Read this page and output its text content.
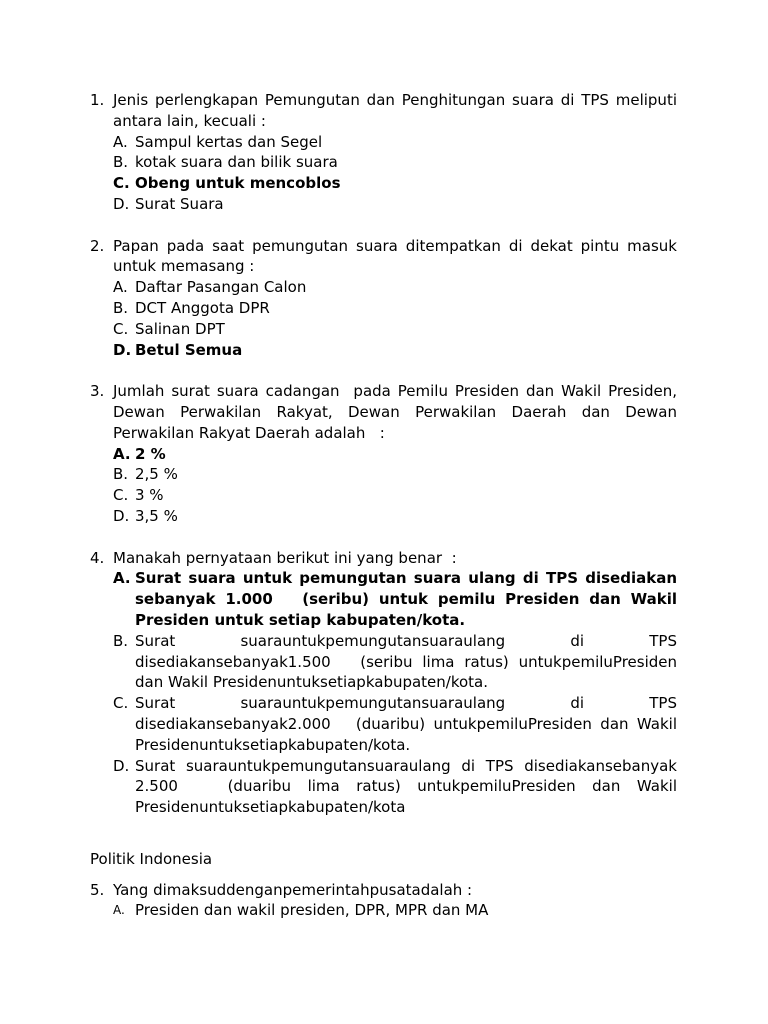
1. Jenis perlengkapan Pemungutan dan Penghitungan suara di TPS meliputi antara lain, kecuali :
A. Sampul kertas dan Segel
B. kotak suara dan bilik suara
C. Obeng untuk mencoblos
D. Surat Suara
2. Papan pada saat pemungutan suara ditempatkan di dekat pintu masuk untuk memasang :
A. Daftar Pasangan Calon
B. DCT Anggota DPR
C. Salinan DPT
D. Betul Semua
3. Jumlah surat suara cadangan  pada Pemilu Presiden dan Wakil Presiden, Dewan Perwakilan Rakyat, Dewan Perwakilan Daerah dan Dewan Perwakilan Rakyat Daerah adalah   :
A. 2 %
B. 2,5 %
C. 3 %
D. 3,5 %
4. Manakah pernyataan berikut ini yang benar  :
A. Surat suara untuk pemungutan suara ulang di TPS disediakan sebanyak 1.000   (seribu) untuk pemilu Presiden dan Wakil Presiden untuk setiap kabupaten/kota.
B. Surat suarauntukpemungutansuaraulang di TPS disediakansebanyak1.500   (seribu lima ratus) untukpemiluPresiden dan Wakil Presidenuntuksetiapkabupaten/kota.
C. Surat suarauntukpemungutansuaraulang di TPS disediakansebanyak2.000   (duaribu) untukpemiluPresiden dan Wakil Presidenuntuksetiapkabupaten/kota.
D. Surat suarauntukpemungutansuaraulang di TPS disediakansebanyak 2.500   (duaribu lima ratus) untukpemiluPresiden dan Wakil Presidenuntuksetiapkabupaten/kota
Politik Indonesia
5. Yang dimaksuddenganpemerintahpusatadalah :
A. Presiden dan wakil presiden, DPR, MPR dan MA
